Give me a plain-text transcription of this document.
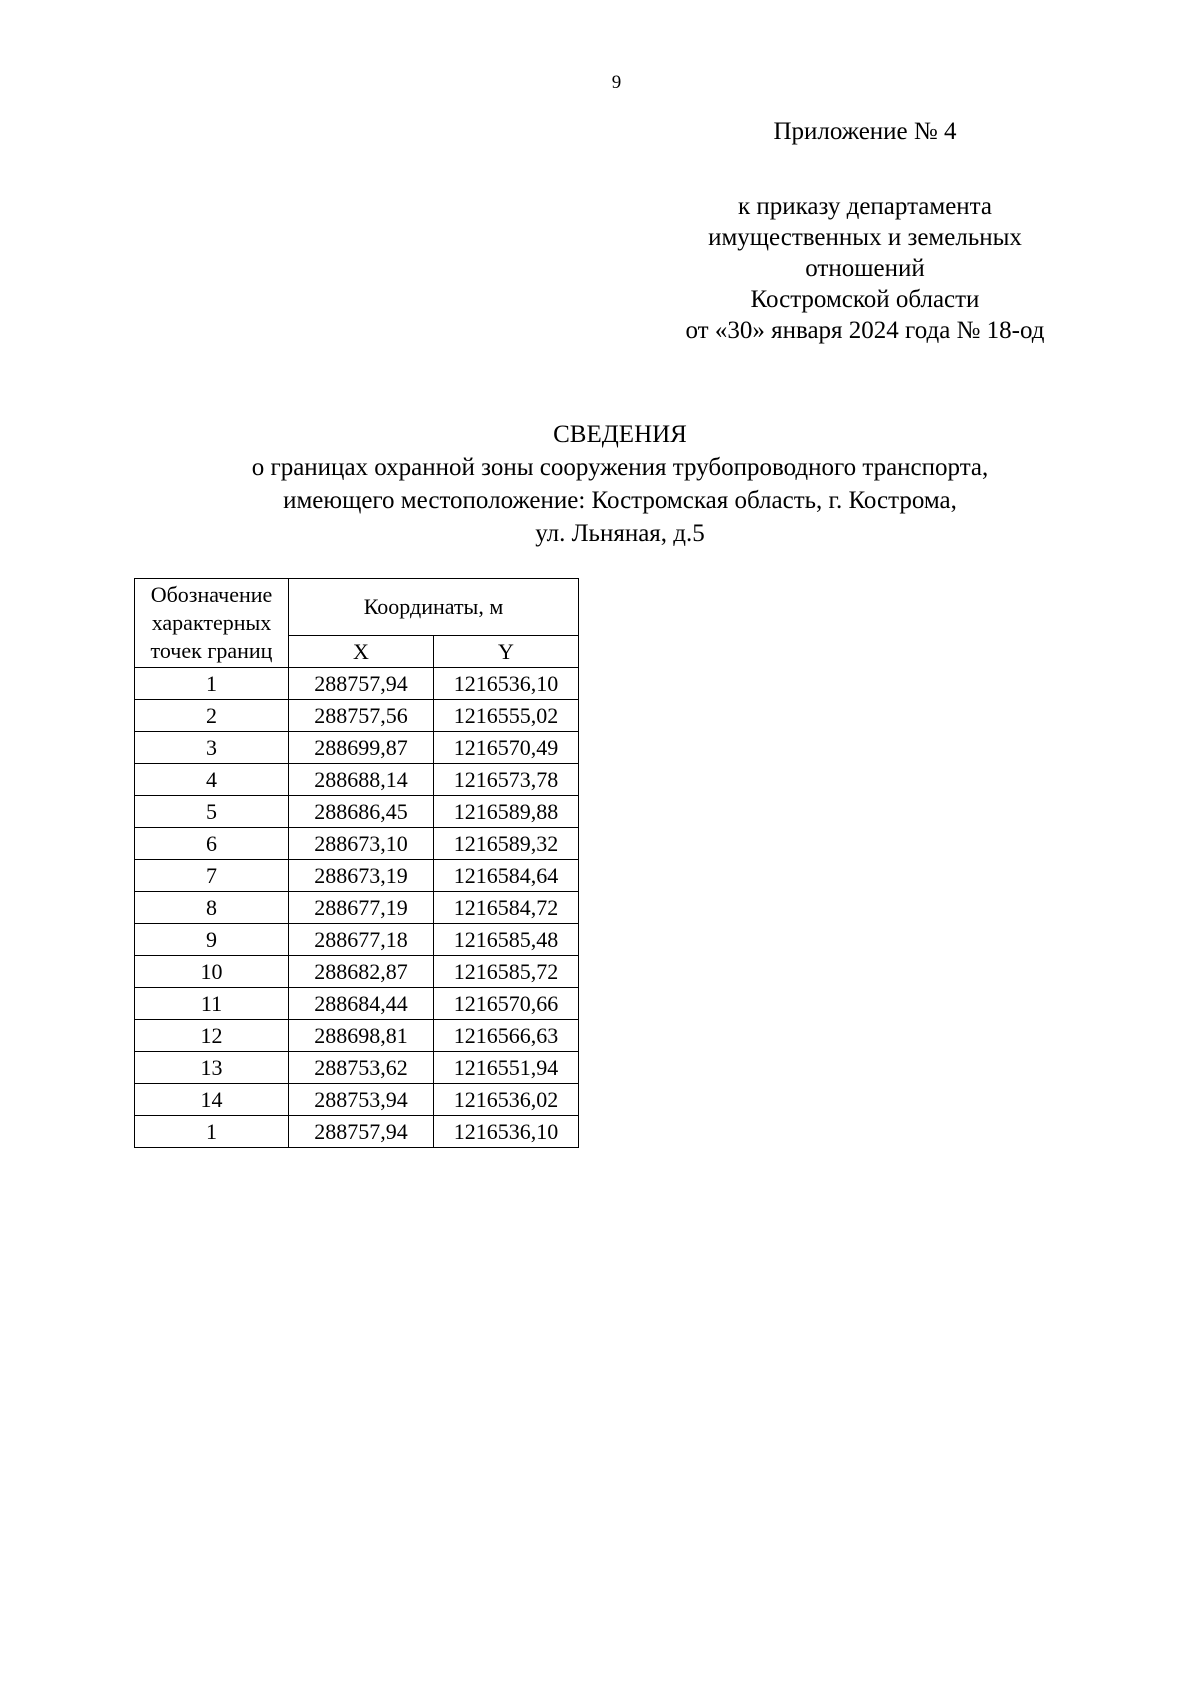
9
Приложение № 4
к приказу департамента
имущественных и земельных
отношений
Костромской области
от «30» января 2024 года № 18-од
СВЕДЕНИЯ
о границах охранной зоны сооружения трубопроводного транспорта,
имеющего местоположение: Костромская область, г. Кострома,
ул. Льняная, д.5
Обозначение
характерных
точек границ	Координаты, м	
	X	Y
1	288757,94	1216536,10
2	288757,56	1216555,02
3	288699,87	1216570,49
4	288688,14	1216573,78
5	288686,45	1216589,88
6	288673,10	1216589,32
7	288673,19	1216584,64
8	288677,19	1216584,72
9	288677,18	1216585,48
10	288682,87	1216585,72
11	288684,44	1216570,66
12	288698,81	1216566,63
13	288753,62	1216551,94
14	288753,94	1216536,02
1	288757,94	1216536,10
